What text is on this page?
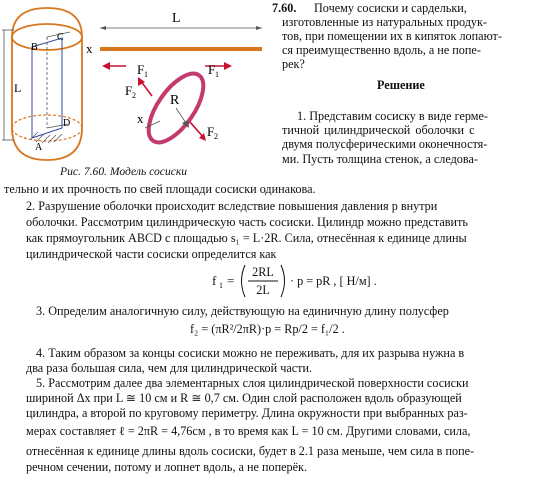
L
B
C
D
A
L
x
F 1	F 1
R
F 2
F 2
x
Рис. 7.60. Модель сосиски
7.60. Почему сосиски и сардельки,
изготовленные из натуральных продук-
тов, при помещении их в кипяток лопают-
ся преимущественно вдоль, а не попе-
рек?
Решение
1. Представим сосиску в виде герме-
тичной цилиндрической оболочки с
двумя полусферическими оконечностя-
ми. Пусть толщина стенок, а следова-
тельно и их прочность по свей площади сосиски одинакова.
2. Разрушение оболочки происходит вследствие повышения давления p внутри
оболочки. Рассмотрим цилиндрическую часть сосиски. Цилиндр можно представить
как прямоугольник ABCD с площадью s₁ = L·2R. Сила, отнесённая к единице длины
цилиндрической части сосиски определится как
f 1 =
2RL
2L
· p = pR , [ Н/м] .
3. Определим аналогичную силу, действующую на единичную длину полусфер
f₂ = (πR²/2πR)·p = Rp/2 = f₁/2 .
4. Таким образом за концы сосиски можно не переживать, для их разрыва нужна в
два раза большая сила, чем для цилиндрической части.
5. Рассмотрим далее два элементарных слоя цилиндрической поверхности сосиски
шириной Δx при L ≅ 10 см и R ≅ 0,7 см. Один слой расположен вдоль образующей
цилиндра, а второй по круговому периметру. Длина окружности при выбранных раз-
мерах составляет ℓ = 2πR = 4,76см , в то время как L = 10 см. Другими словами, сила,
отнесённая к единице длины вдоль сосиски, будет в 2.1 раза меньше, чем сила в попе-
речном сечении, потому и лопнет вдоль, а не поперёк.
